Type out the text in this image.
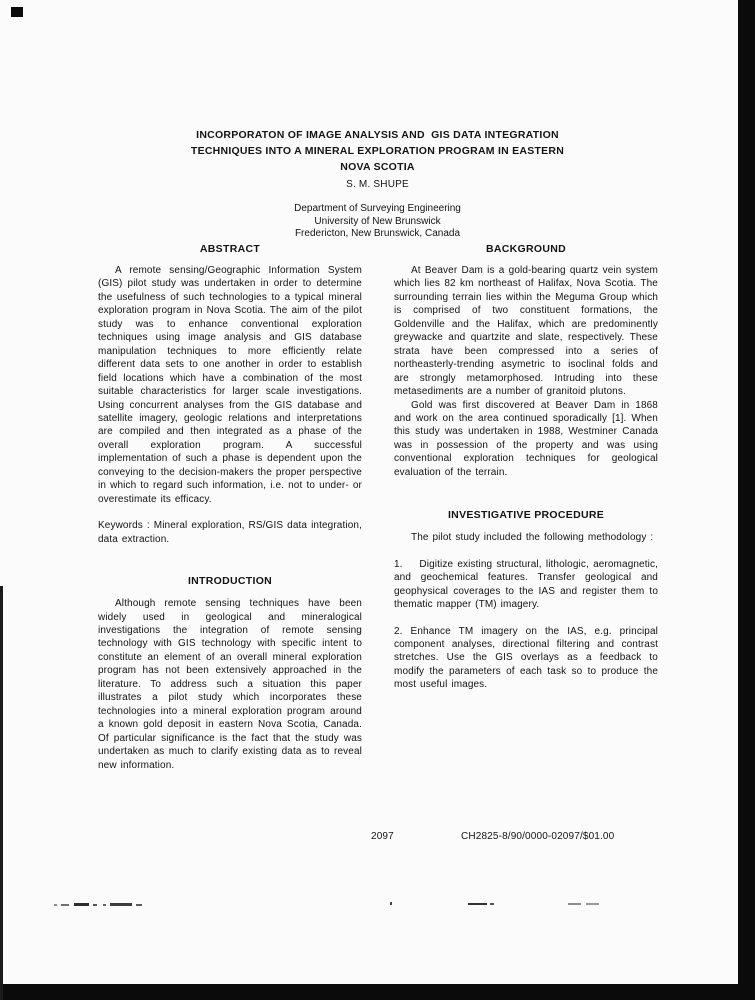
INCORPORATON OF IMAGE ANALYSIS AND  GIS DATA INTEGRATION
TECHNIQUES INTO A MINERAL EXPLORATION PROGRAM IN EASTERN
NOVA SCOTIA
S. M. SHUPE
Department of Surveying Engineering
University of New Brunswick
Fredericton, New Brunswick, Canada
ABSTRACT

A remote sensing/Geographic Information System (GIS) pilot study was undertaken in order to determine the usefulness of such technologies to a typical mineral exploration program in Nova Scotia. The aim of the pilot study was to enhance conventional exploration techniques using image analysis and GIS database manipulation techniques to more efficiently relate different data sets to one another in order to establish field locations which have a combination of the most suitable characteristics for larger scale investigations. Using concurrent analyses from the GIS database and satellite imagery, geologic relations and interpretations are compiled and then integrated as a phase of the overall exploration program. A successful implementation of such a phase is dependent upon the conveying to the decision-makers the proper perspective in which to regard such information, i.e. not to under- or overestimate its efficacy.

Keywords : Mineral exploration, RS/GIS data integration, data extraction.

INTRODUCTION

Although remote sensing techniques have been widely used in geological and mineralogical investigations the integration of remote sensing technology with GIS technology with specific intent to constitute an element of an overall mineral exploration program has not been extensively approached in the literature. To address such a situation this paper illustrates a pilot study which incorporates these technologies into a mineral exploration program around a known gold deposit in eastern Nova Scotia, Canada. Of particular significance is the fact that the study was undertaken as much to clarify existing data as to reveal new information.

BACKGROUND

At Beaver Dam is a gold-bearing quartz vein system which lies 82 km northeast of Halifax, Nova Scotia. The surrounding terrain lies within the Meguma Group which is comprised of two constituent formations, the Goldenville and the Halifax, which are predominently greywacke and quartzite and slate, respectively. These strata have been compressed into a series of northeasterly-trending asymetric to isoclinal folds and are strongly metamorphosed. Intruding into these metasediments are a number of granitoid plutons.

Gold was first discovered at Beaver Dam in 1868 and work on the area continued sporadically [1]. When this study was undertaken in 1988, Westminer Canada was in possession of the property and was using conventional exploration techniques for geological evaluation of the terrain.

INVESTIGATIVE PROCEDURE

The pilot study included the following methodology :

1.    Digitize existing structural, lithologic, aeromagnetic, and geochemical features. Transfer geological and geophysical coverages to the IAS and register them to thematic mapper (TM) imagery.

2. Enhance TM imagery on the IAS, e.g. principal component analyses, directional filtering and contrast stretches. Use the GIS overlays as a feedback to modify the parameters of each task so to produce the most useful images.

2097	CH2825-8/90/0000-02097/$01.00
